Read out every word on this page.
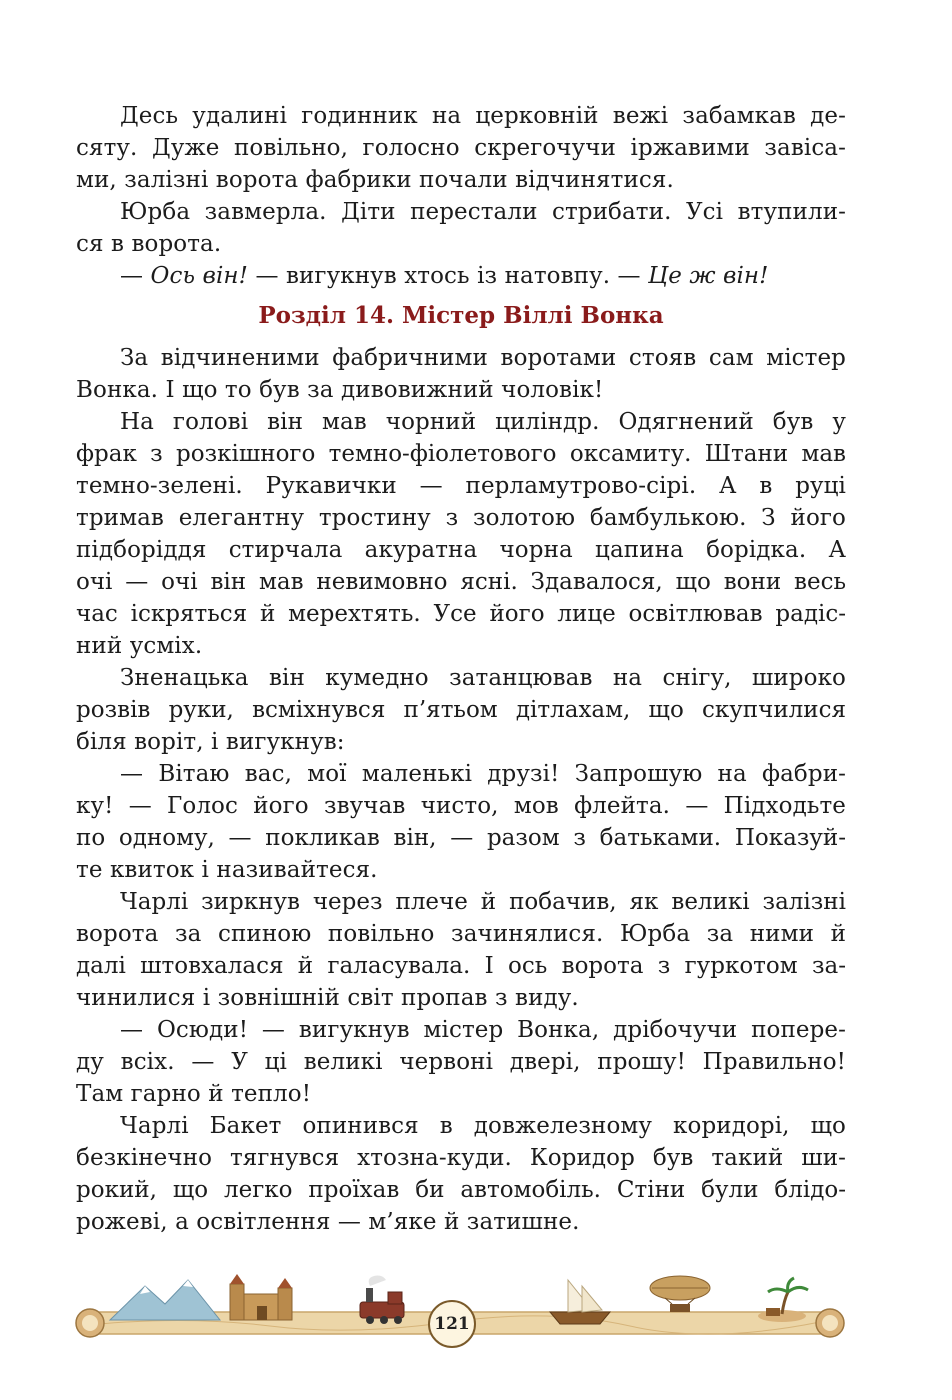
Десь удалині годинник на церковній вежі забамкав де-
сяту. Дуже повільно, голосно скрегочучи іржавими завіса-
ми, залізні ворота фабрики почали відчинятися.
Юрба завмерла. Діти перестали стрибати. Усі втупили-
ся в ворота.
— Ось він! — вигукнув хтось із натовпу. — Це ж він!
Розділ 14. Містер Віллі Вонка
За відчиненими фабричними воротами стояв сам містер
Вонка. І що то був за дивовижний чоловік!
На голові він мав чорний циліндр. Одягнений був у
фрак з розкішного темно-фіолетового оксамиту. Штани мав
темно-зелені. Рукавички — перламутрово-сірі. А в руці
тримав елегантну тростину з золотою бамбулькою. З його
підборіддя стирчала акуратна чорна цапина борідка. А
очі — очі він мав невимовно ясні. Здавалося, що вони весь
час іскряться й мерехтять. Усе його лице освітлював радіс-
ний усміх.
Зненацька він кумедно затанцював на снігу, широко
розвів руки, всміхнувся п’ятьом дітлахам, що скупчилися
біля воріт, і вигукнув:
— Вітаю вас, мої маленькі друзі! Запрошую на фабри-
ку! — Голос його звучав чисто, мов флейта. — Підходьте
по одному, — покликав він, — разом з батьками. Показуй-
те квиток і називайтеся.
Чарлі зиркнув через плече й побачив, як великі залізні
ворота за спиною повільно зачинялися. Юрба за ними й
далі штовхалася й галасувала. І ось ворота з гуркотом за-
чинилися і зовнішній світ пропав з виду.
— Осюди! — вигукнув містер Вонка, дрібочучи попере-
ду всіх. — У ці великі червоні двері, прошу! Правильно!
Там гарно й тепло!
Чарлі Бакет опинився в довжелезному коридорі, що
безкінечно тягнувся хтозна-куди. Коридор був такий ши-
рокий, що легко проїхав би автомобіль. Стіни були блідо-
рожеві, а освітлення — м’яке й затишне.
121
